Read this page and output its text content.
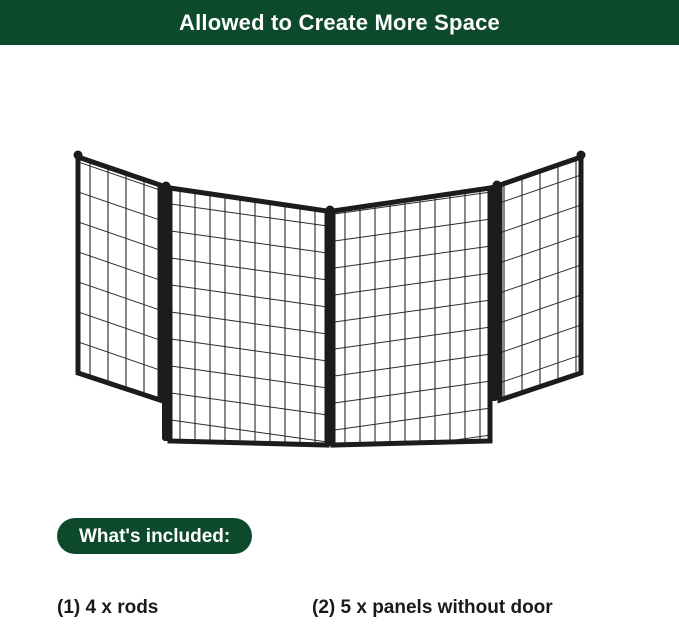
Allowed to Create More Space
What's included:
(1) 4 x rods	(2) 5 x panels without door
